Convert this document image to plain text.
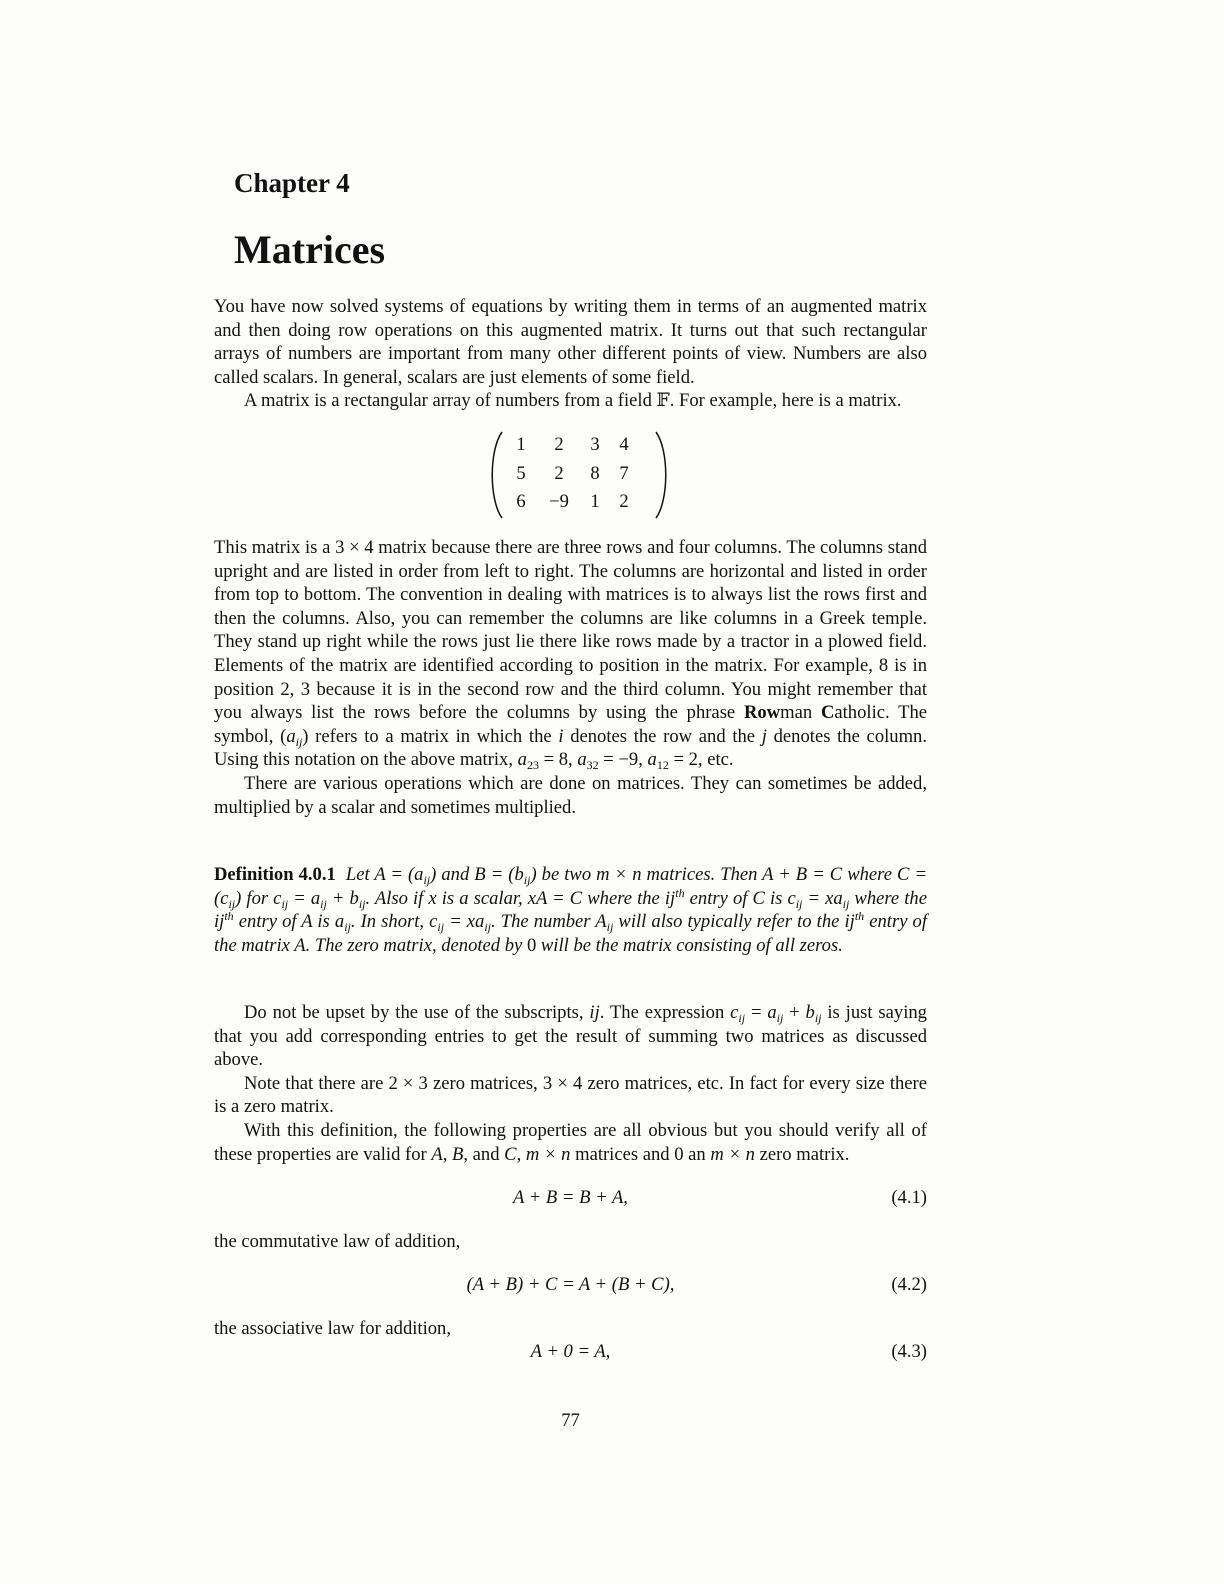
Chapter 4
Matrices

You have now solved systems of equations by writing them in terms of an augmented matrix and then doing row operations on this augmented matrix. It turns out that such rectangular arrays of numbers are important from many other different points of view. Numbers are also called scalars. In general, scalars are just elements of some field.

A matrix is a rectangular array of numbers from a field 𝔽. For example, here is a matrix.

1	2	3	4
5	2	8	7
6	−9	1	2

This matrix is a 3 × 4 matrix because there are three rows and four columns. The columns stand upright and are listed in order from left to right. The columns are horizontal and listed in order from top to bottom. The convention in dealing with matrices is to always list the rows first and then the columns. Also, you can remember the columns are like columns in a Greek temple. They stand up right while the rows just lie there like rows made by a tractor in a plowed field. Elements of the matrix are identified according to position in the matrix. For example, 8 is in position 2, 3 because it is in the second row and the third column. You might remember that you always list the rows before the columns by using the phrase Rowman Catholic. The symbol, $(a_{ij})$ refers to a matrix in which the i denotes the row and the j denotes the column. Using this notation on the above matrix, $a_{23} = 8$, $a_{32} = -9$, $a_{12} = 2$, etc.

There are various operations which are done on matrices. They can sometimes be added, multiplied by a scalar and sometimes multiplied.

Definition 4.0.1 Let $A = (a_{ij})$ and $B = (b_{ij})$ be two m × n matrices. Then A + B = C where $C = (c_{ij})$ for $c_{ij} = a_{ij} + b_{ij}$. Also if x is a scalar, xA = C where the $ij^{th}$ entry of C is $c_{ij} = xa_{ij}$ where the $ij^{th}$ entry of A is $a_{ij}$. In short, $c_{ij} = xa_{ij}$. The number $A_{ij}$ will also typically refer to the $ij^{th}$ entry of the matrix A. The zero matrix, denoted by 0 will be the matrix consisting of all zeros.

Do not be upset by the use of the subscripts, ij. The expression $c_{ij} = a_{ij} + b_{ij}$ is just saying that you add corresponding entries to get the result of summing two matrices as discussed above.

Note that there are 2 × 3 zero matrices, 3 × 4 zero matrices, etc. In fact for every size there is a zero matrix.

With this definition, the following properties are all obvious but you should verify all of these properties are valid for A, B, and C, m × n matrices and 0 an m × n zero matrix.

A + B = B + A,	(4.1)

the commutative law of addition,

(A + B) + C = A + (B + C),	(4.2)

the associative law for addition,

A + 0 = A,	(4.3)
77
